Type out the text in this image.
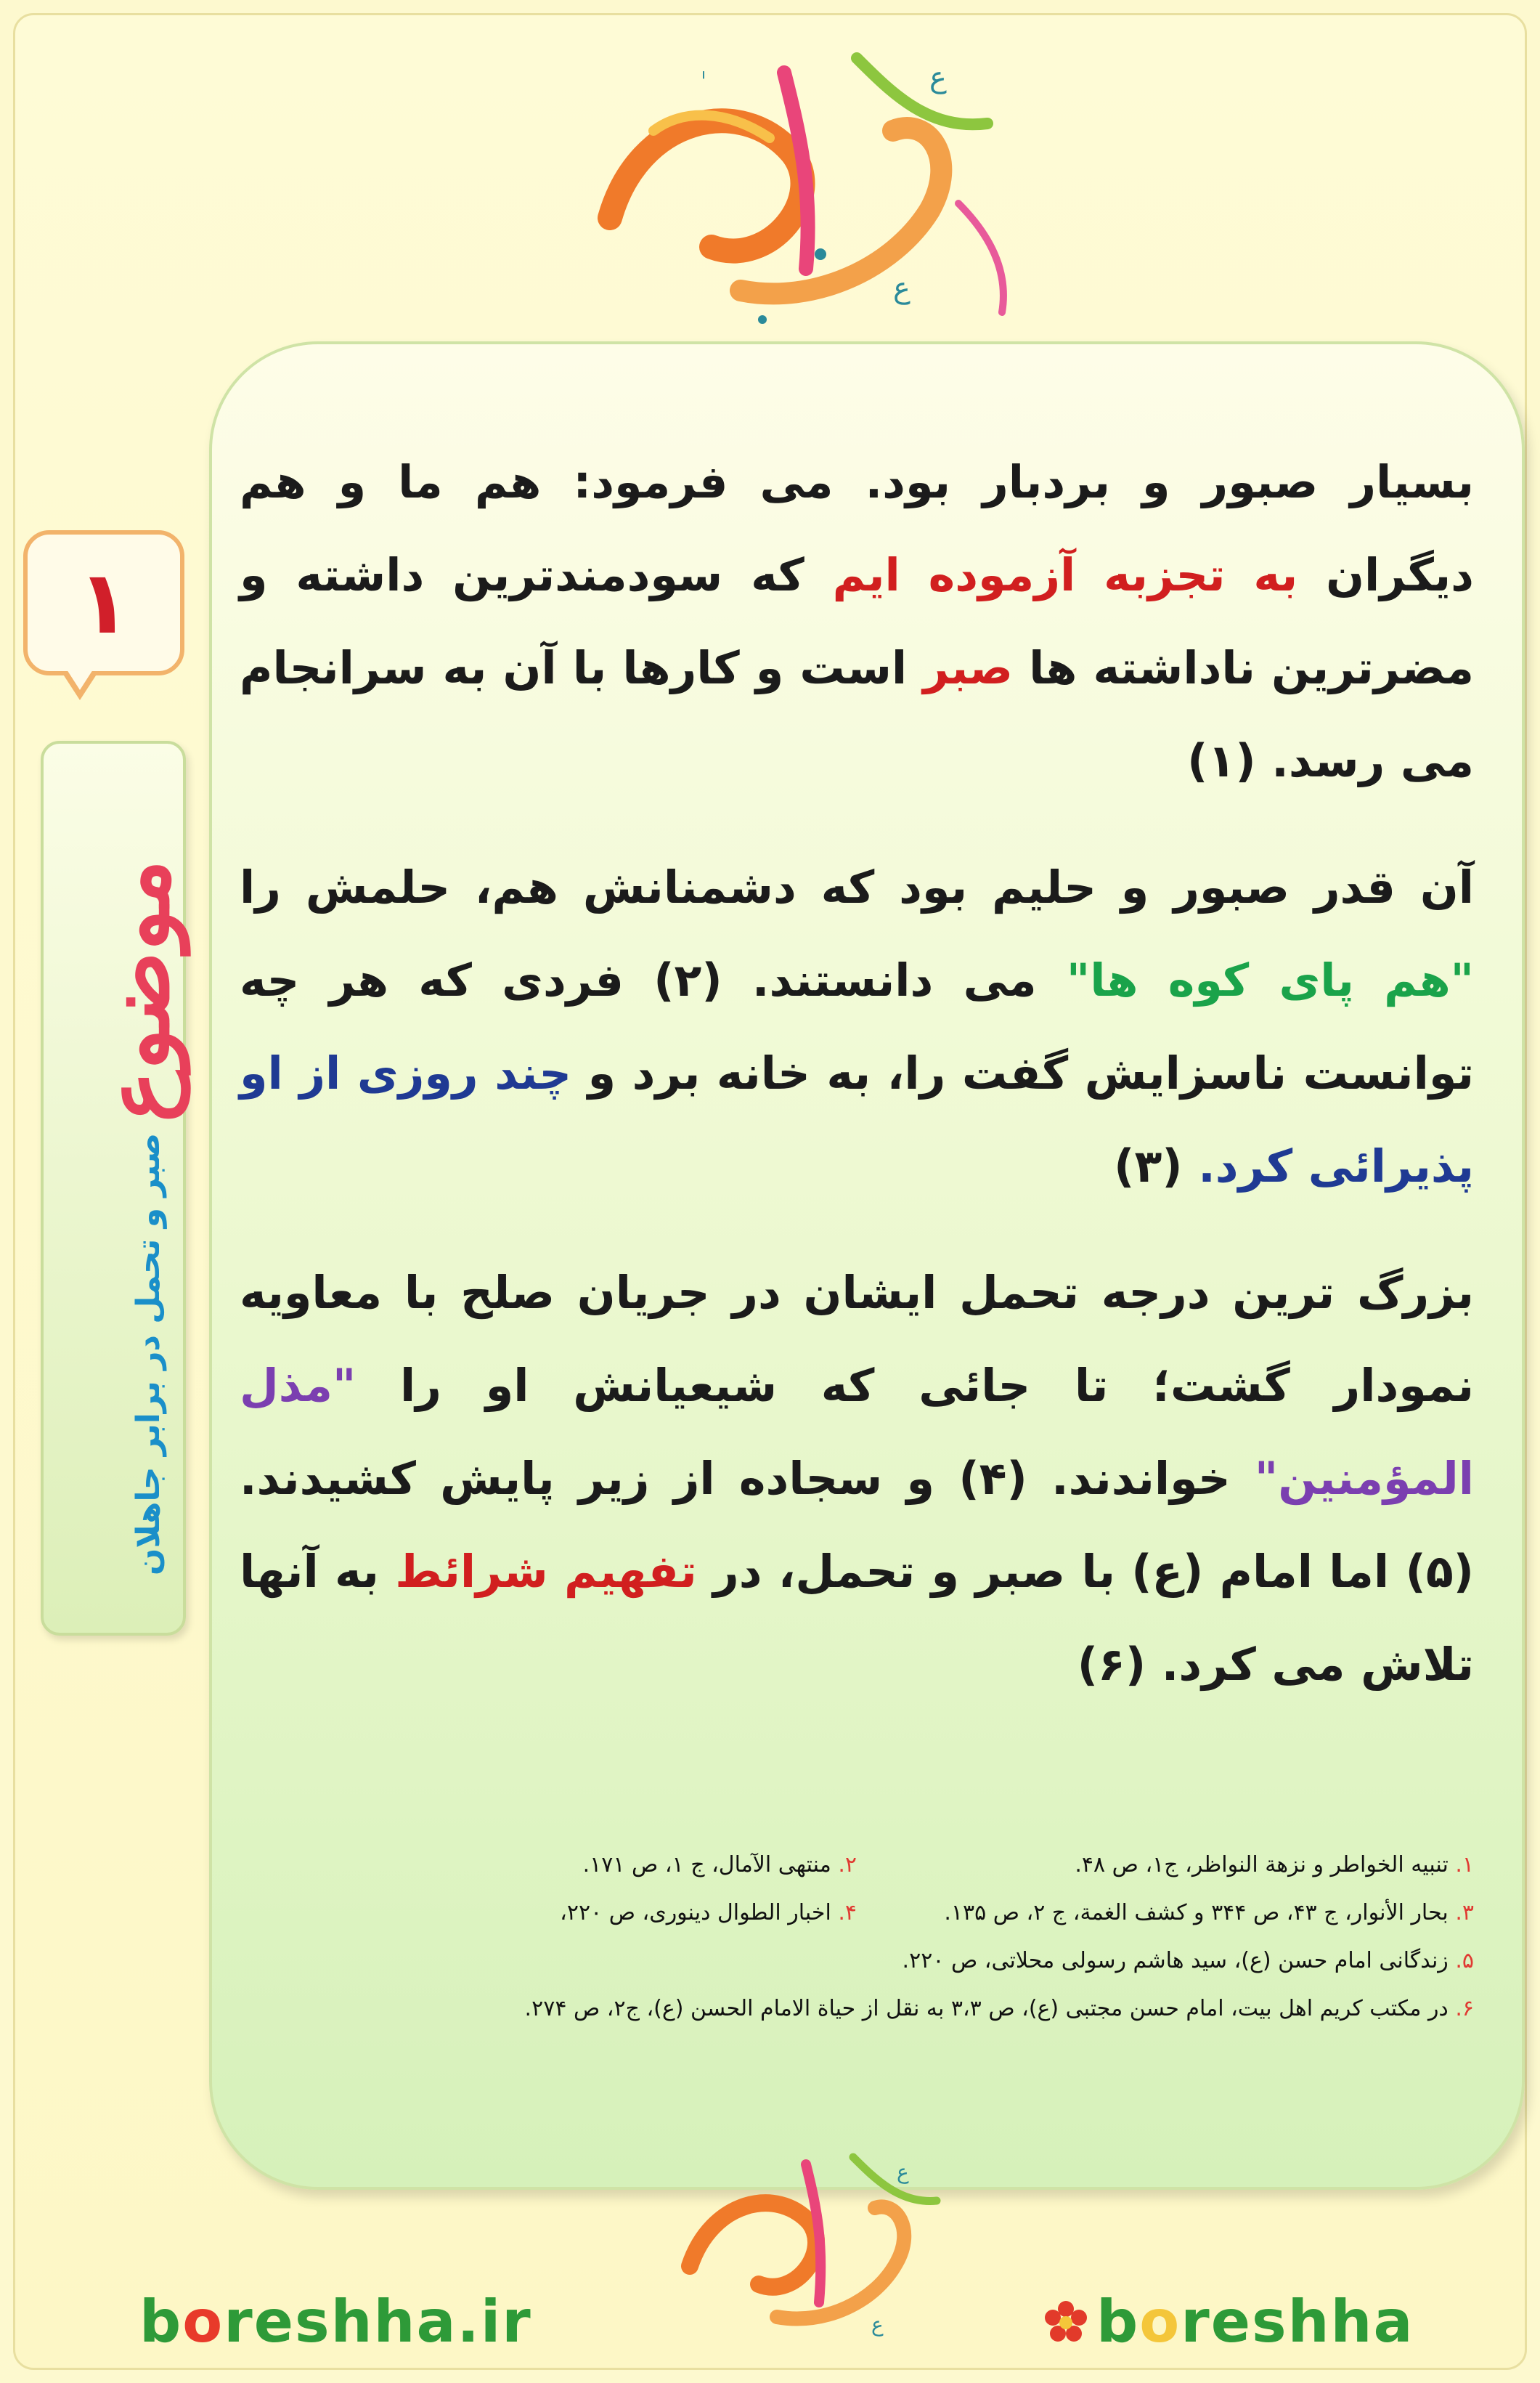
ع
ع
۱
موضوع
صبر و تحمل در برابر جاهلان

بسیار صبور و بردبار بود. می فرمود: هم ما و هم دیگران به تجزبه آزموده ایم که سودمندترین داشته و مضرترین ناداشته ها صبر است و کارها با آن به سرانجام می رسد. (۱)

آن قدر صبور و حلیم بود که دشمنانش هم، حلمش را "هم پای کوه ها" می دانستند. (۲) فردی که هر چه توانست ناسزایش گفت را، به خانه برد و چند روزی از او پذیرائی کرد. (۳)

بزرگ ترین درجه تحمل ایشان در جریان صلح با معاویه نمودار گشت؛ تا جائی که شیعیانش او را "مذل المؤمنین" خواندند. (۴) و سجاده از زیر پایش کشیدند. (۵) اما امام (ع) با صبر و تحمل، در تفهیم شرائط به آنها تلاش می کرد. (۶)

۱. تنبیه الخواطر و نزهة النواظر، ج۱، ص ۴۸.
۲. منتهی الآمال، ج ۱، ص ۱۷۱.
۳. بحار الأنوار، ج ۴۳، ص ۳۴۴ و کشف الغمة، ج ۲، ص ۱۳۵.
۴. اخبار الطوال دینوری، ص ۲۲۰،
۵. زندگانی امام حسن (ع)، سید هاشم رسولی محلاتی، ص ۲۲۰.
۶. در مکتب کریم اهل بیت، امام حسن مجتبی (ع)، ص ۳،۳ به نقل از حیاة الامام الحسن (ع)، ج۲، ص ۲۷۴.
ع
ع
boreshha.ir	b o reshha
